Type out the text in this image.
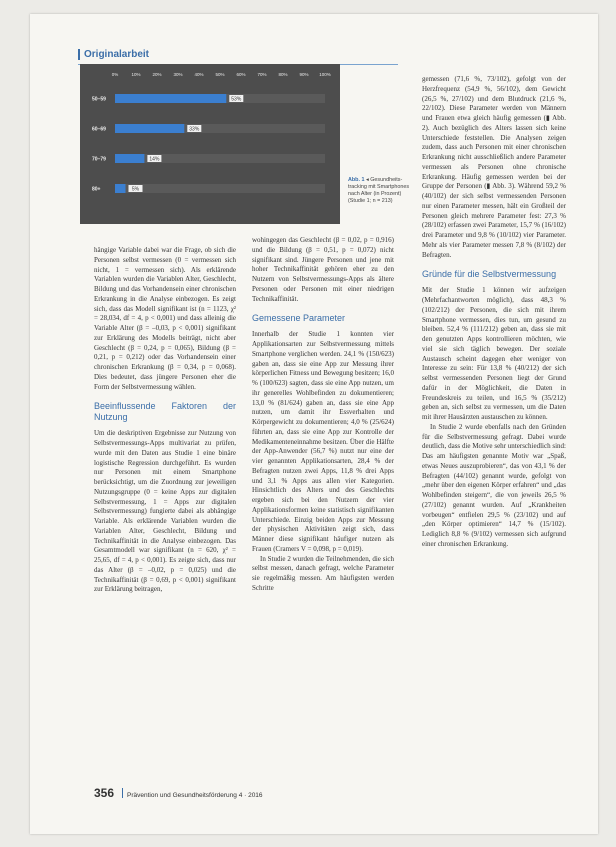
Originalarbeit
0%	10%	20%	30%	40%	50%	60%	70%	80%	90% 100%
50–59	53%
60–69	33%
70–79	14%
80+	5%
Abb. 1 ◂ Gesundheits-tracking mit Smartphones nach Alter (in Prozent) (Studie 1; n = 213)

hängige Variable dabei war die Frage, ob sich die Personen selbst vermessen (0 = vermessen sich nicht, 1 = vermessen sich). Als erklärende Variablen wurden die Variablen Alter, Geschlecht, Bildung und das Vorhandensein einer chronischen Erkrankung in die Analyse einbezogen. Es zeigt sich, dass das Modell signifikant ist (n = 1123, χ² = 28,034, df = 4, p < 0,001) und dass alleinig die Variable Alter (β = –0,03, p < 0,001) signifikant zur Erklärung des Modells beiträgt, nicht aber Geschlecht (β = 0,24, p = 0,065), Bildung (β = 0,21, p = 0,212) oder das Vorhandensein einer chronischen Erkrankung (β = 0,34, p = 0,068). Dies bedeutet, dass jüngere Personen eher die Form der Selbstvermessung wählen.

Beeinflussende Faktoren der Nutzung

Um die deskriptiven Ergebnisse zur Nutzung von Selbstvermessungs-Apps multivariat zu prüfen, wurde mit den Daten aus Studie 1 eine binäre logistische Regression durchgeführt. Es wurden nur Personen mit einem Smartphone berücksichtigt, um die Zuordnung zur jeweiligen Nutzungsgruppe (0 = keine Apps zur digitalen Selbstvermessung, 1 = Apps zur digitalen Selbstvermessung) fungierte dabei als abhängige Variable. Als erklärende Variablen wurden die Variablen Alter, Geschlecht, Bildung und Technikaffinität in die Analyse einbezogen. Das Gesamtmodell war signifikant (n = 620, χ² = 25,65, df = 4, p < 0,001). Es zeigte sich, dass nur das Alter (β = –0,02, p = 0,025) und die Technikaffinität (β = 0,69, p < 0,001) signifikant zur Erklärung beitragen,

wohingegen das Geschlecht (β = 0,02, p = 0,916) und die Bildung (β = 0,51, p = 0,072) nicht signifikant sind. Jüngere Personen und jene mit hoher Technikaffinität gehören eher zu den Nutzern von Selbstvermessungs-Apps als ältere Personen oder Personen mit einer niedrigen Technikaffinität.

Gemessene Parameter

Innerhalb der Studie 1 konnten vier Applikationsarten zur Selbstvermessung mittels Smartphone verglichen werden. 24,1 % (150/623) gaben an, dass sie eine App zur Messung ihrer körperlichen Fitness und Bewegung besitzen; 16,0 % (100/623) sagten, dass sie eine App nutzen, um ihr generelles Wohlbefinden zu dokumentieren; 13,0 % (81/624) gaben an, dass sie eine App nutzen, um damit ihr Essverhalten und Körpergewicht zu dokumentieren; 4,0 % (25/624) führten an, dass sie eine App zur Kontrolle der Medikamenteneinnahme besitzen. Über die Hälfte der App-Anwender (56,7 %) nutzt nur eine der vier genannten Applikationsarten, 28,4 % der Befragten nutzen zwei Apps, 11,8 % drei Apps und 3,1 % Apps aus allen vier Kategorien. Hinsichtlich des Alters und des Geschlechts ergeben sich bei den Nutzern der vier Applikationsformen keine statistisch signifikanten Unterschiede. Einzig beiden Apps zur Messung der physischen Aktivitäten zeigt sich, dass Männer diese signifikant häufiger nutzen als Frauen (Cramers V = 0,098, p = 0,019).

In Studie 2 wurden die Teilnehmenden, die sich selbst messen, danach gefragt, welche Parameter sie regelmäßig messen. Am häufigsten werden Schritte

gemessen (71,6 %, 73/102), gefolgt von der Herzfrequenz (54,9 %, 56/102), dem Gewicht (26,5 %, 27/102) und dem Blutdruck (21,6 %, 22/102). Diese Parameter werden von Männern und Frauen etwa gleich häufig gemessen (▮ Abb. 2). Auch bezüglich des Alters lassen sich keine Unterschiede feststellen. Die Analysen zeigen zudem, dass auch Personen mit einer chronischen Erkrankung nicht ausschließlich andere Parameter vermessen als Personen ohne chronische Erkrankung. Häufig gemessen werden bei der Gruppe der Personen (▮ Abb. 3). Während 59,2 % (40/102) der sich selbst vermessenden Personen nur einen Parameter messen, hält ein Großteil der Personen gleich mehrere Parameter fest: 27,3 % (28/102) erfassen zwei Parameter, 15,7 % (16/102) drei Parameter und 9,8 % (10/102) vier Parameter. Mehr als vier Parameter messen 7,8 % (8/102) der Befragten.

Gründe für die Selbstvermessung

Mit der Studie 1 können wir aufzeigen (Mehrfachantworten möglich), dass 48,3 % (102/212) der Personen, die sich mit ihrem Smartphone vermessen, dies tun, um gesund zu bleiben. 52,4 % (111/212) geben an, dass sie mit den genutzten Apps kontrollieren möchten, wie viel sie sich täglich bewegen. Der soziale Austausch scheint dagegen eher weniger von Interesse zu sein: Für 13,8 % (40/212) der sich selbst vermessenden Personen liegt der Grund dafür in der Möglichkeit, die Daten in Freundeskreis zu teilen, und 16,5 % (35/212) geben an, sich selbst zu vermessen, um die Daten mit ihrer Hausärzten austauschen zu können.

In Studie 2 wurde ebenfalls nach den Gründen für die Selbstvermessung gefragt. Dabei wurde deutlich, dass die Motive sehr unterschiedlich sind: Das am häufigsten genannte Motiv war „Spaß, etwas Neues auszuprobieren“, das von 43,1 % der Befragten (44/102) genannt wurde, gefolgt von „mehr über den eigenen Körper erfahren“ und „das Wohlbefinden steigern“, die von jeweils 26,5 % (27/102) genannt wurden. Auf „Krankheiten vorbeugen“ entfielen 29,5 % (23/102) und auf „den Körper optimieren“ 14,7 % (15/102). Lediglich 8,8 % (9/102) vermessen sich aufgrund einer chronischen Erkrankung.

356 Prävention und Gesundheitsförderung 4 · 2016
